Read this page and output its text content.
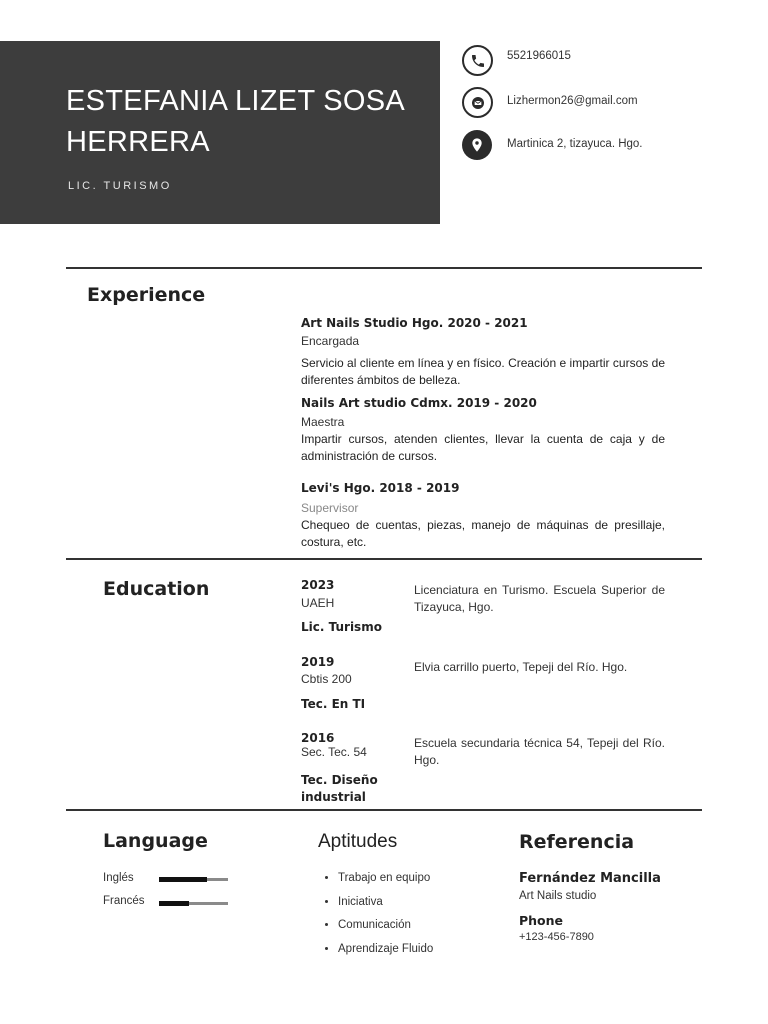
ESTEFANIA LIZET SOSA
HERRERA
LIC. TURISMO
5521966015
Lizhermon26@gmail.com
Martinica 2, tizayuca. Hgo.
Experience
Art Nails Studio Hgo. 2020 - 2021
Encargada
Servicio al cliente em línea y en físico. Creación e impartir cursos de diferentes ámbitos de belleza.
Nails Art studio Cdmx. 2019 - 2020
Maestra
Impartir cursos, atenden clientes, llevar la cuenta de caja y de administración de cursos.
Levi's Hgo. 2018 - 2019
Supervisor
Chequeo de cuentas, piezas, manejo de máquinas de presillaje, costura, etc.
Education	2023
UAEH
Lic. Turismo
Licenciatura en Turismo. Escuela Superior de Tizayuca, Hgo.
2019
Cbtis 200
Tec. En TI
Elvia carrillo puerto, Tepeji del Río. Hgo.
2016
Sec. Tec. 54
Tec. Diseño industrial
Escuela secundaria técnica 54, Tepeji del Río. Hgo.
Language
Inglés
Francés
Aptitudes
• Trabajo en equipo
• Iniciativa
• Comunicación
• Aprendizaje Fluido
Referencia
Fernández Mancilla
Art Nails studio
Phone
+123-456-7890
